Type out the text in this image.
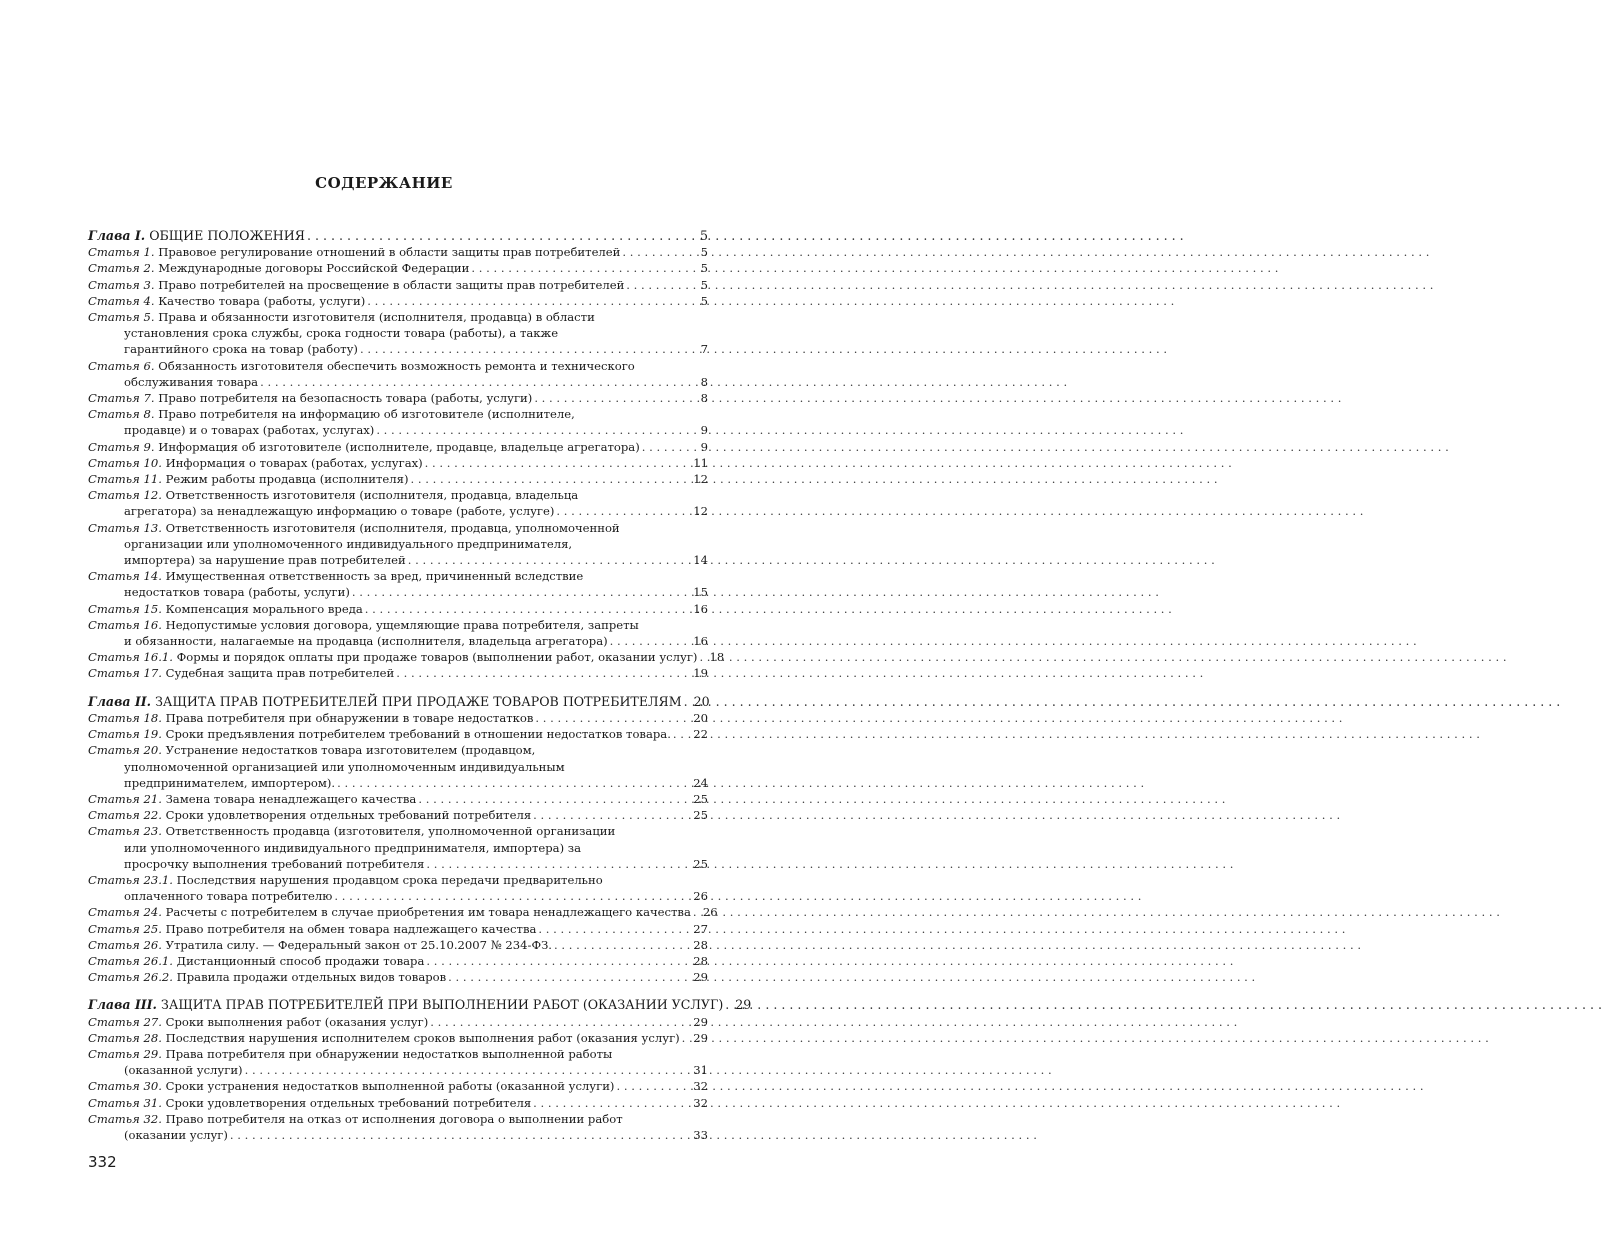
СОДЕРЖАНИЕ
Глава I. ОБЩИЕ ПОЛОЖЕНИЯ . . .	5
Статья 1. Правовое регулирование отношений в области защиты прав потребителей . . .	5
Статья 2. Международные договоры Российской Федерации . . .	5
Статья 3. Право потребителей на просвещение в области защиты прав потребителей . . .	5
Статья 4. Качество товара (работы, услуги) . . .	5
Статья 5. Права и обязанности изготовителя (исполнителя, продавца) в области
установления срока службы, срока годности товара (работы), а также
гарантийного срока на товар (работу) . . .	7
Статья 6. Обязанность изготовителя обеспечить возможность ремонта и технического
обслуживания товара . . .	8
Статья 7. Право потребителя на безопасность товара (работы, услуги) . . .	8
Статья 8. Право потребителя на информацию об изготовителе (исполнителе,
продавце) и о товарах (работах, услугах) . . .	9
Статья 9. Информация об изготовителе (исполнителе, продавце, владельце агрегатора) . . .	9
Статья 10. Информация о товарах (работах, услугах) . . .	11
Статья 11. Режим работы продавца (исполнителя) . . .	12
Статья 12. Ответственность изготовителя (исполнителя, продавца, владельца
агрегатора) за ненадлежащую информацию о товаре (работе, услуге) . . .	12
Статья 13. Ответственность изготовителя (исполнителя, продавца, уполномоченной
организации или уполномоченного индивидуального предпринимателя,
импортера) за нарушение прав потребителей . . .	14
Статья 14. Имущественная ответственность за вред, причиненный вследствие
недостатков товара (работы, услуги) . . .	15
Статья 15. Компенсация морального вреда . . .	16
Статья 16. Недопустимые условия договора, ущемляющие права потребителя, запреты
и обязанности, налагаемые на продавца (исполнителя, владельца агрегатора) . . .	16
Статья 16.1. Формы и порядок оплаты при продаже товаров (выполнении работ, оказании услуг) . . . 18
Статья 17. Судебная защита прав потребителей . . .	19
Глава II. ЗАЩИТА ПРАВ ПОТРЕБИТЕЛЕЙ ПРИ ПРОДАЖЕ ТОВАРОВ ПОТРЕБИТЕЛЯМ . . . 20
Статья 18. Права потребителя при обнаружении в товаре недостатков . . .	20
Статья 19. Сроки предъявления потребителем требований в отношении недостатков товара. . . . 22
Статья 20. Устранение недостатков товара изготовителем (продавцом,
уполномоченной организацией или уполномоченным индивидуальным
предпринимателем, импортером). . . .	24
Статья 21. Замена товара ненадлежащего качества . . .	25
Статья 22. Сроки удовлетворения отдельных требований потребителя . . .	25
Статья 23. Ответственность продавца (изготовителя, уполномоченной организации
или уполномоченного индивидуального предпринимателя, импортера) за
просрочку выполнения требований потребителя . . .	25
Статья 23.1. Последствия нарушения продавцом срока передачи предварительно
оплаченного товара потребителю . . .	26
Статья 24. Расчеты с потребителем в случае приобретения им товара ненадлежащего качества . . . 26
Статья 25. Право потребителя на обмен товара надлежащего качества . . .	27
Статья 26. Утратила силу. — Федеральный закон от 25.10.2007 № 234-ФЗ. . . .	28
Статья 26.1. Дистанционный способ продажи товара . . .	28
Статья 26.2. Правила продажи отдельных видов товаров . . .	29
Глава III. ЗАЩИТА ПРАВ ПОТРЕБИТЕЛЕЙ ПРИ ВЫПОЛНЕНИИ РАБОТ (ОКАЗАНИИ УСЛУГ) . . . 29
Статья 27. Сроки выполнения работ (оказания услуг) . . .	29
Статья 28. Последствия нарушения исполнителем сроков выполнения работ (оказания услуг) . . . 29
Статья 29. Права потребителя при обнаружении недостатков выполненной работы
(оказанной услуги) . . .	31
Статья 30. Сроки устранения недостатков выполненной работы (оказанной услуги) . . .	32
Статья 31. Сроки удовлетворения отдельных требований потребителя . . .	32
Статья 32. Право потребителя на отказ от исполнения договора о выполнении работ
(оказании услуг) . . .	33
332
